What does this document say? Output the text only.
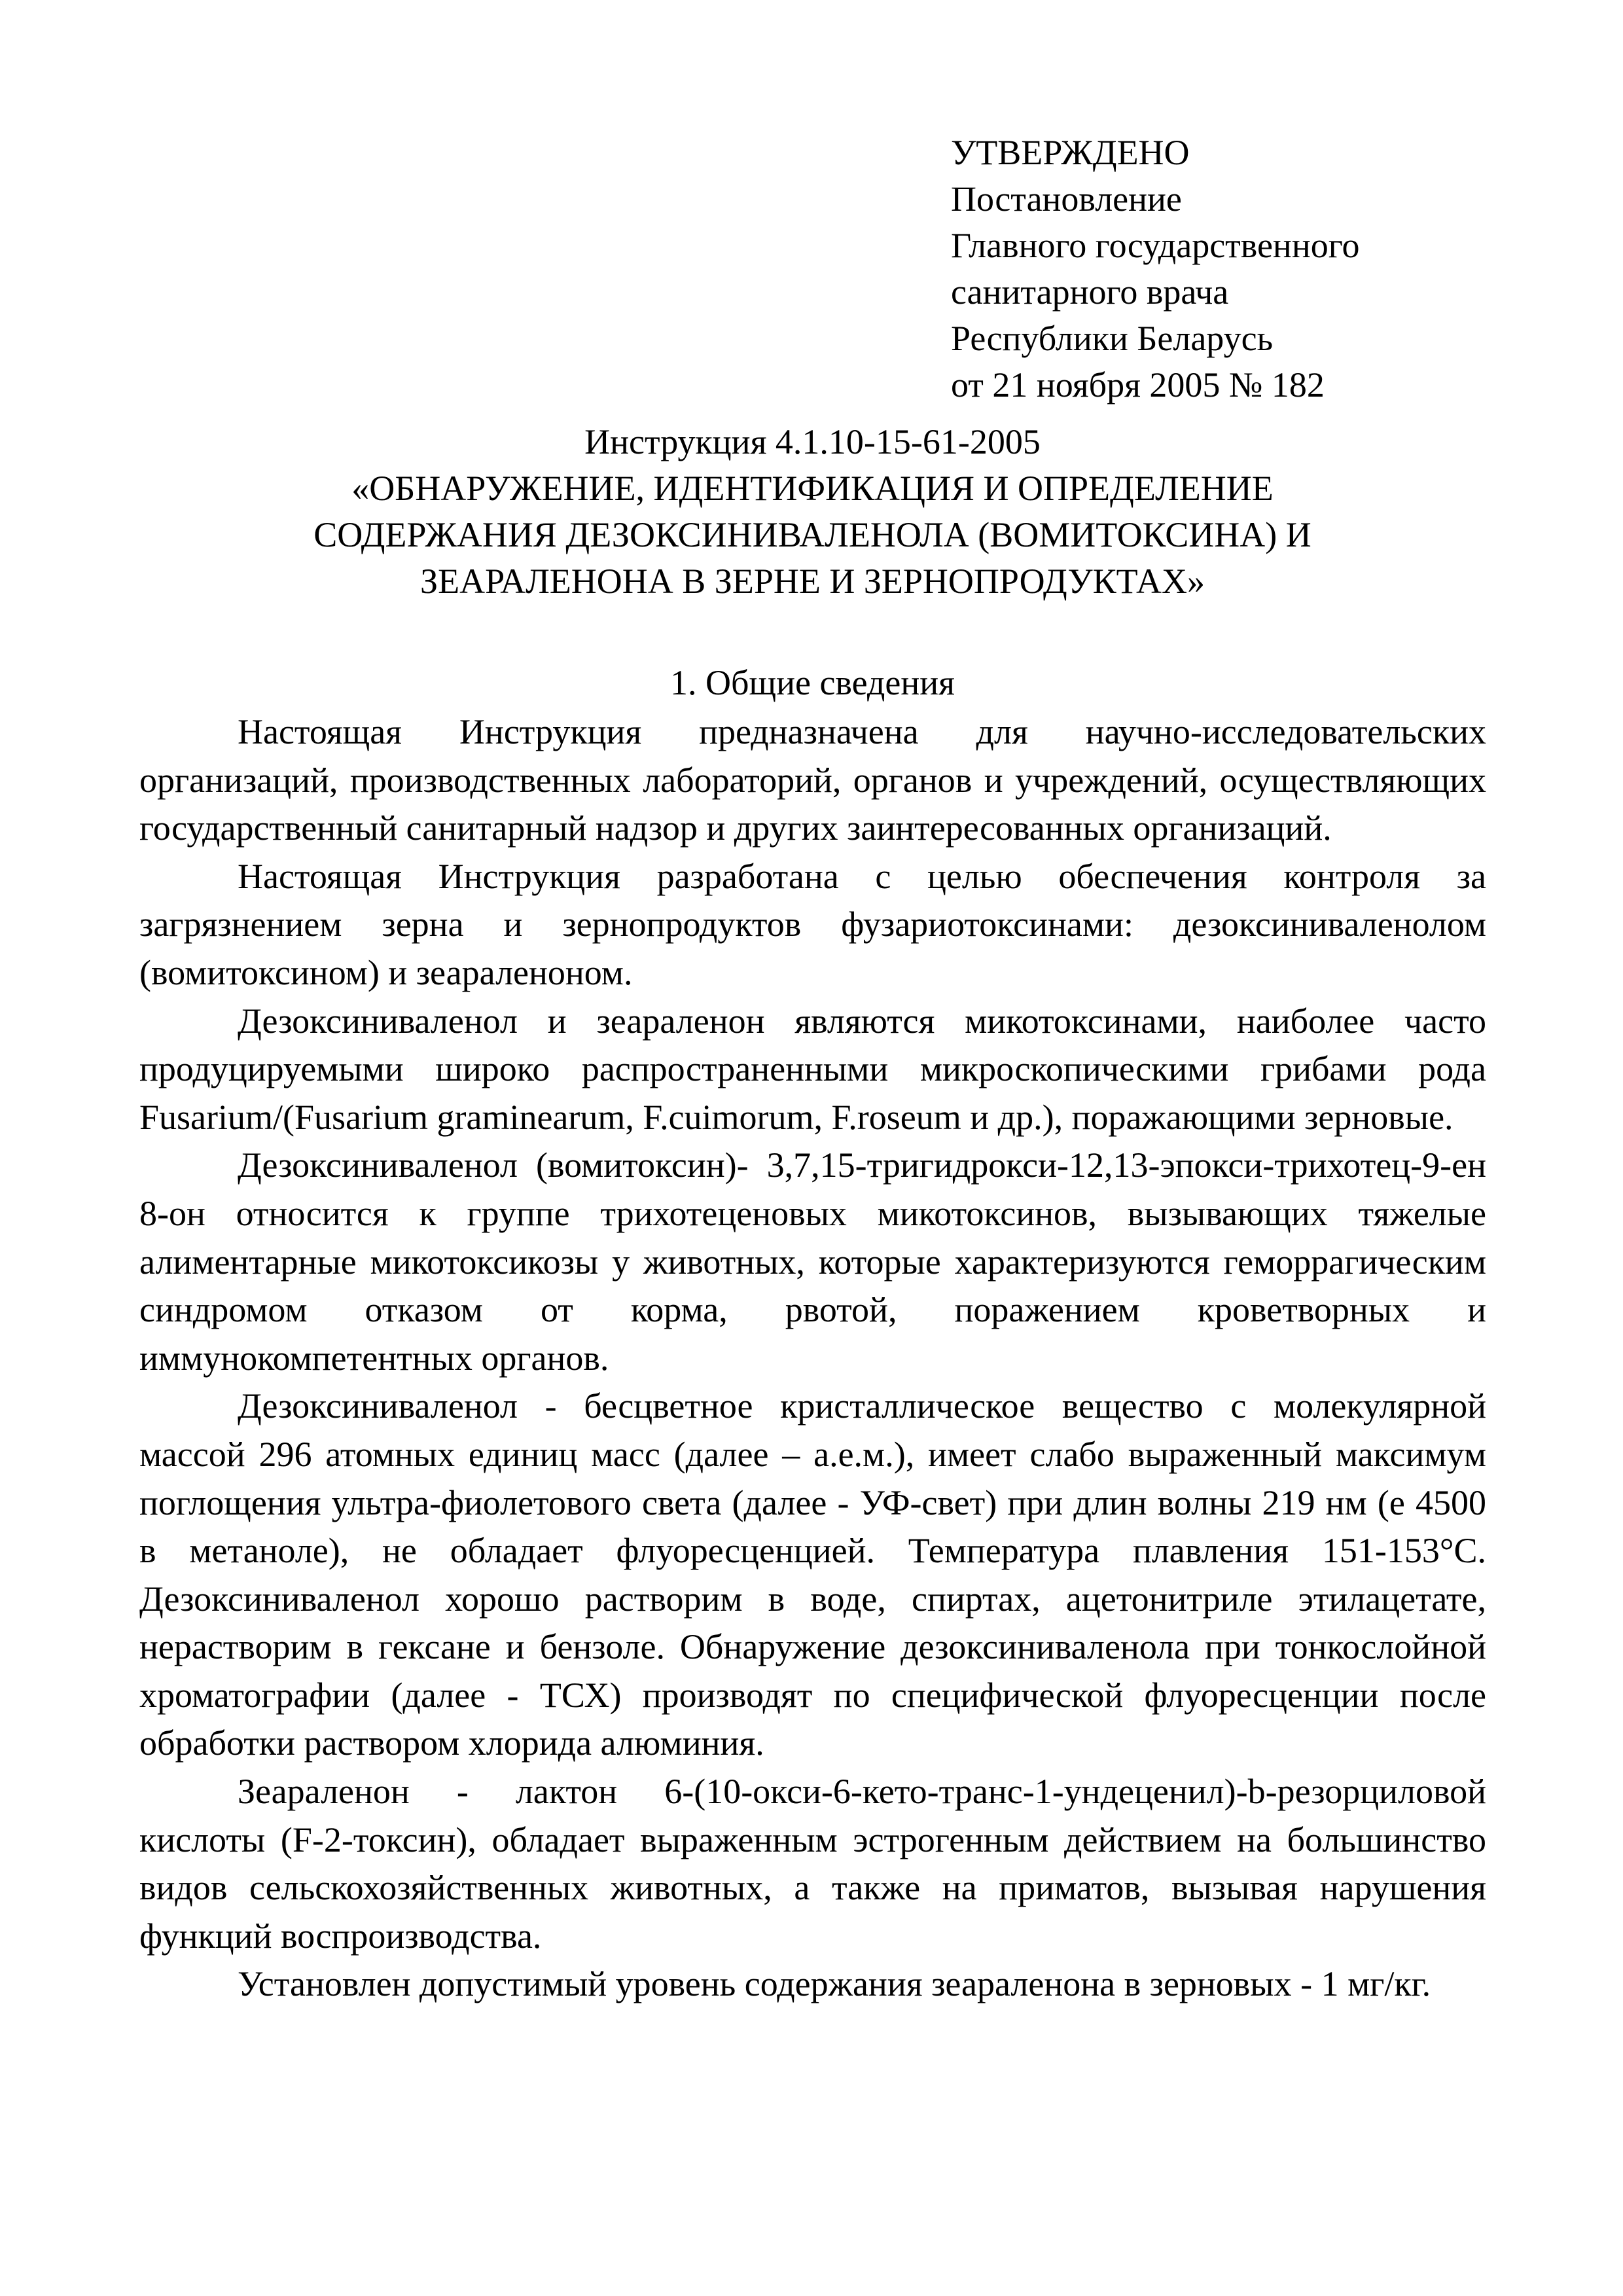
УТВЕРЖДЕНО
Постановление
Главного государственного
санитарного врача
Республики Беларусь
от 21 ноября 2005 № 182
Инструкция 4.1.10-15-61-2005
«ОБНАРУЖЕНИЕ, ИДЕНТИФИКАЦИЯ И ОПРЕДЕЛЕНИЕ
СОДЕРЖАНИЯ ДЕЗОКСИНИВАЛЕНОЛА (ВОМИТОКСИНА) И
ЗЕАРАЛЕНОНА В ЗЕРНЕ И ЗЕРНОПРОДУКТАХ»
1. Общие сведения

Настоящая Инструкция предназначена для научно-исследовательских организаций, производственных лабораторий, органов и учреждений, осуществляющих государственный санитарный надзор и других заинтересованных организаций.

Настоящая Инструкция разработана с целью обеспечения контроля за загрязнением зерна и зернопродуктов фузариотоксинами: дезоксиниваленолом (вомитоксином) и зеараленоном.

Дезоксиниваленол и зеараленон являются микотоксинами, наиболее часто продуцируемыми широко распространенными микроскопическими грибами рода Fusarium/(Fusarium graminearum, F.cuimorum, F.roseum и др.), поражающими зерновые.

Дезоксиниваленол (вомитоксин)- 3,7,15-тригидрокси-12,13-эпокси-трихотец-9-ен 8-он относится к группе трихотеценовых микотоксинов, вызывающих тяжелые алиментарные микотоксикозы у животных, которые характеризуются геморрагическим синдромом отказом от корма, рвотой, поражением кроветворных и иммунокомпетентных органов.

Дезоксиниваленол - бесцветное кристаллическое вещество с молекулярной массой 296 атомных единиц масс (далее – а.е.м.), имеет слабо выраженный максимум поглощения ультра-фиолетового света (далее - УФ-свет) при длин волны 219 нм (е 4500 в метаноле), не обладает флуоресценцией. Температура плавления 151-153°С. Дезоксиниваленол хорошо растворим в воде, спиртах, ацетонитриле этилацетате, нерастворим в гексане и бензоле. Обнаружение дезоксиниваленола при тонкослойной хроматографии (далее - ТСХ) производят по специфической флуоресценции после обработки раствором хлорида алюминия.

Зеараленон - лактон 6-(10-окси-6-кето-транс-1-ундеценил)-b-резорциловой кислоты (F-2-токсин), обладает выраженным эстрогенным действием на большинство видов сельскохозяйственных животных, а также на приматов, вызывая нарушения функций воспроизводства.

Установлен допустимый уровень содержания зеараленона в зерновых - 1 мг/кг.
